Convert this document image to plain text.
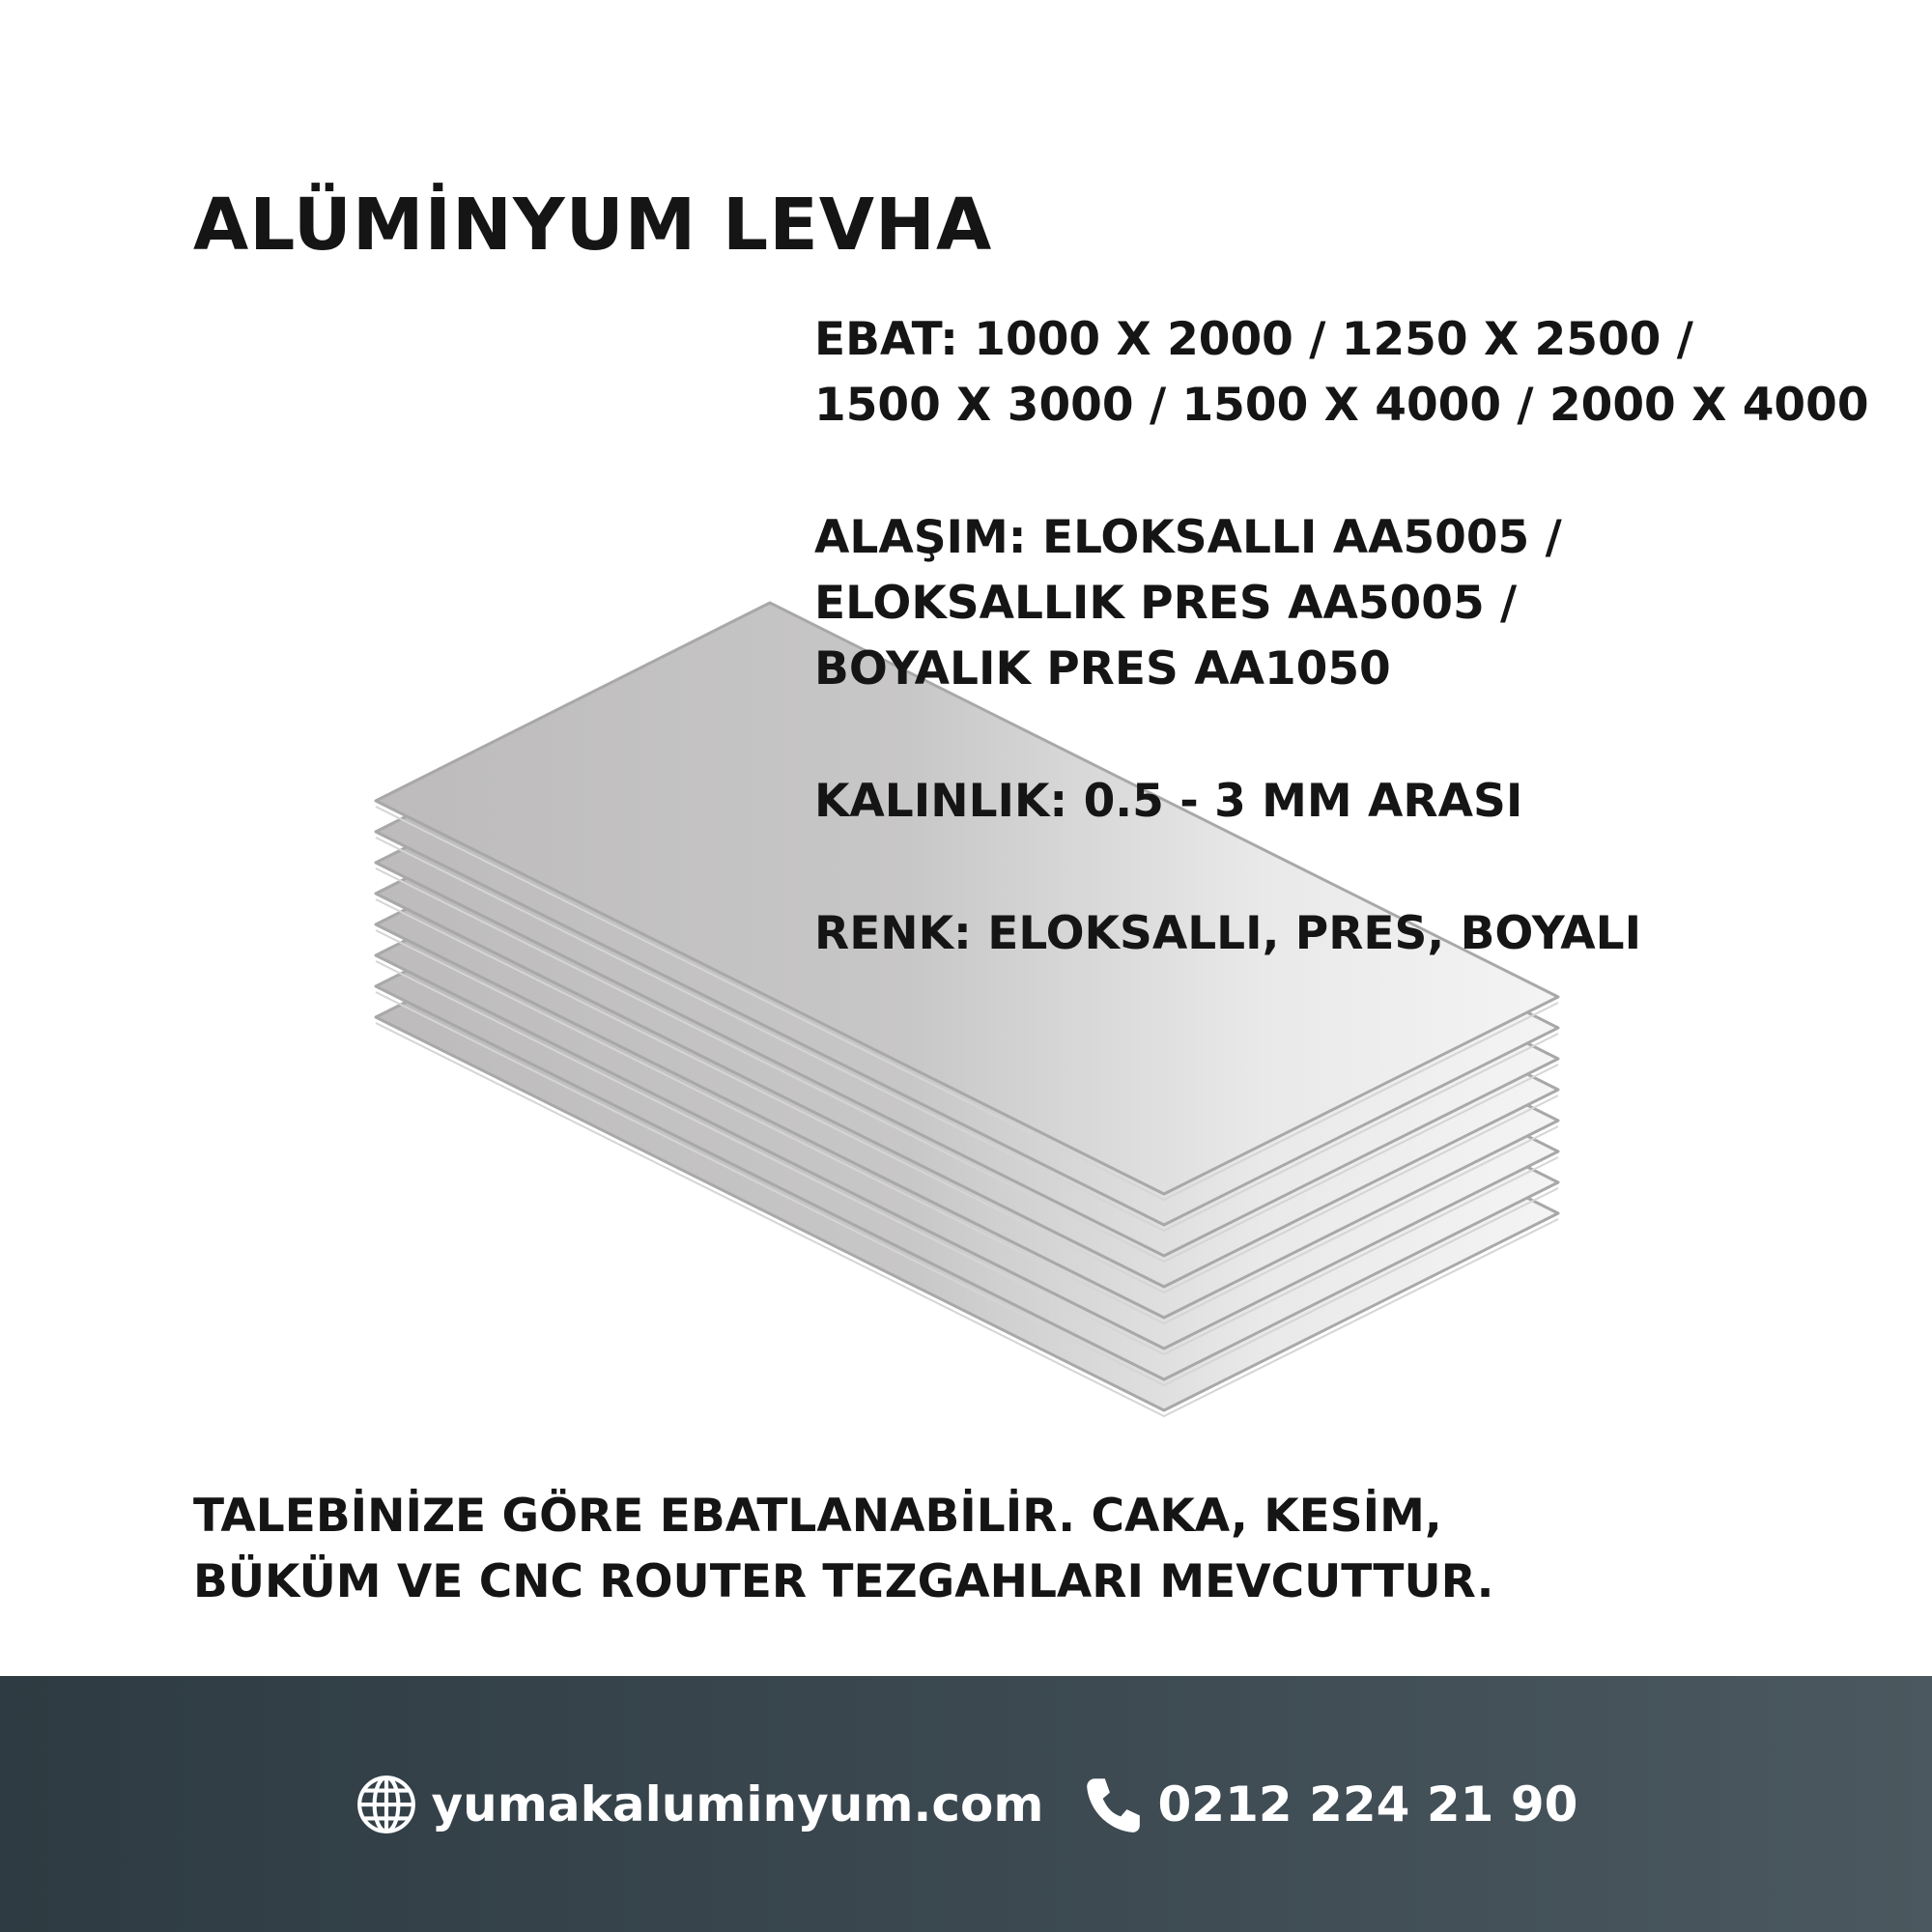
ALÜMİNYUM LEVHA
EBAT: 1000 X 2000 / 1250 X 2500 /
1500 X 3000 / 1500 X 4000 / 2000 X 4000
ALAŞIM: ELOKSALLI AA5005 /
ELOKSALLIK PRES AA5005 /
BOYALIK PRES AA1050
KALINLIK: 0.5 - 3 MM ARASI
RENK: ELOKSALLI, PRES, BOYALI
TALEBİNİZE GÖRE EBATLANABİLİR. CAKA, KESİM,
BÜKÜM VE CNC ROUTER TEZGAHLARI MEVCUTTUR.
yumakaluminyum.com 0212 224 21 90
